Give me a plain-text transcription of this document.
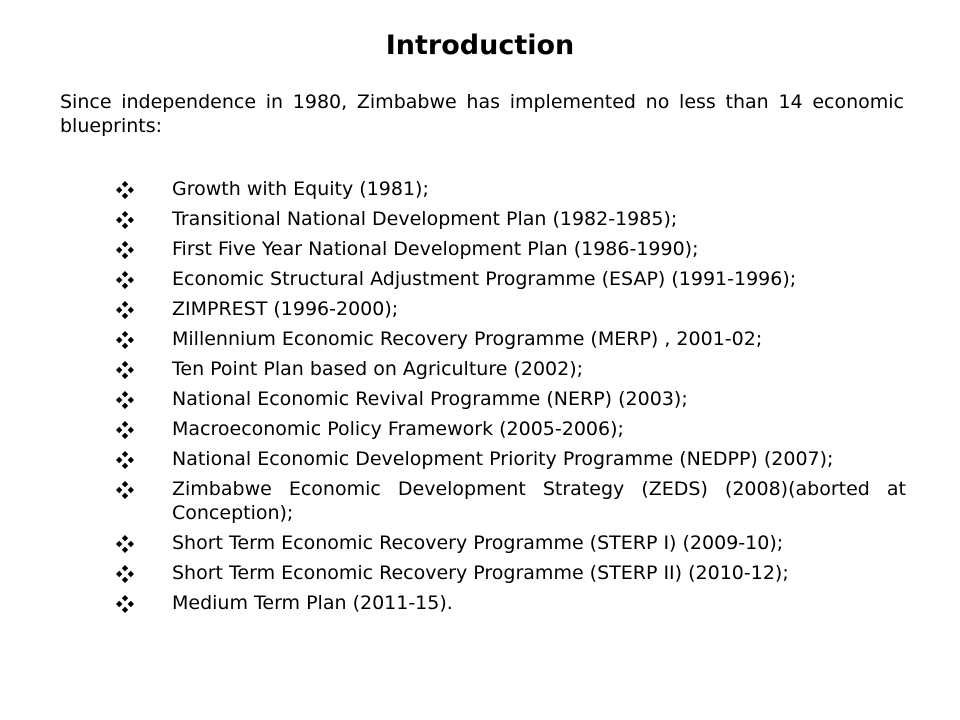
Introduction
Since independence in 1980, Zimbabwe has implemented no less than 14 economic blueprints:
Growth with Equity (1981);
Transitional National Development Plan (1982-1985);
First Five Year National Development Plan (1986-1990);
Economic Structural Adjustment Programme (ESAP) (1991-1996);
ZIMPREST (1996-2000);
Millennium Economic Recovery Programme (MERP) , 2001-02;
Ten Point Plan based on Agriculture (2002);
National Economic Revival Programme (NERP) (2003);
Macroeconomic Policy Framework (2005-2006);
National Economic Development Priority Programme (NEDPP) (2007);
Zimbabwe Economic Development Strategy (ZEDS) (2008)(aborted at Conception);
Short Term Economic Recovery Programme (STERP I) (2009-10);
Short Term Economic Recovery Programme (STERP II) (2010-12);
Medium Term Plan (2011-15).
